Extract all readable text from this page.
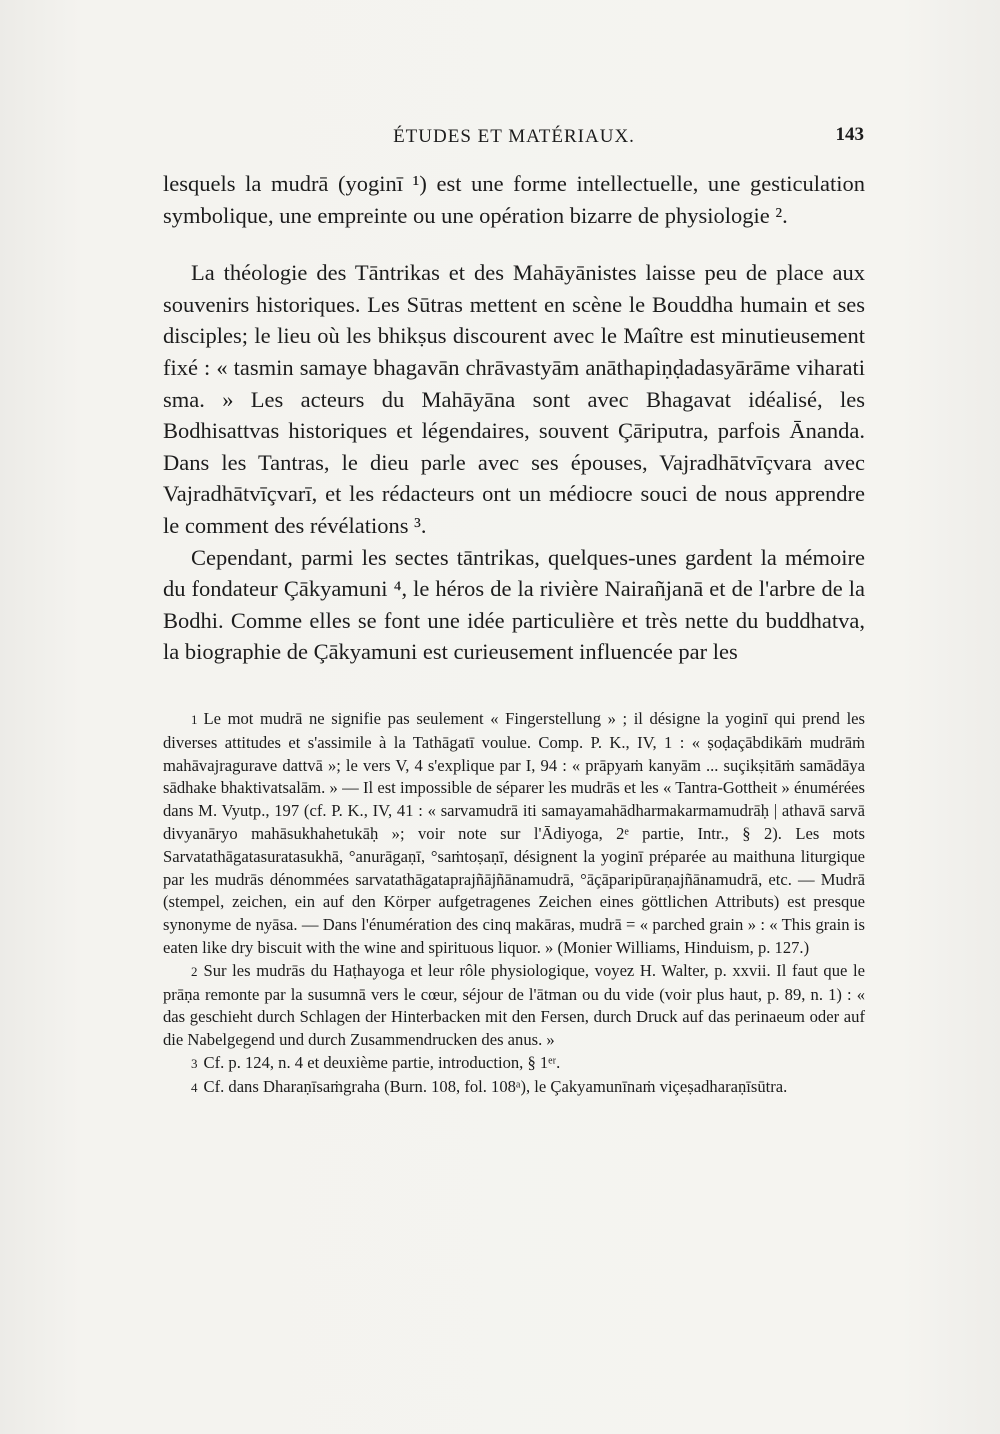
ÉTUDES ET MATÉRIAUX.	143

lesquels la mudrā (yoginī ¹) est une forme intellectuelle, une gesticulation symbolique, une empreinte ou une opération bizarre de physiologie ².

La théologie des Tāntrikas et des Mahāyānistes laisse peu de place aux souvenirs historiques. Les Sūtras mettent en scène le Bouddha humain et ses disciples; le lieu où les bhikṣus discourent avec le Maître est minutieusement fixé : « tasmin samaye bhagavān chrāvastyām anāthapiṇḍadasyārāme viharati sma. » Les acteurs du Mahāyāna sont avec Bhagavat idéalisé, les Bodhisattvas historiques et légendaires, souvent Çāriputra, parfois Ānanda. Dans les Tantras, le dieu parle avec ses épouses, Vajradhātvīçvara avec Vajradhātvīçvarī, et les rédacteurs ont un médiocre souci de nous apprendre le comment des révélations ³.

Cependant, parmi les sectes tāntrikas, quelques-unes gardent la mémoire du fondateur Çākyamuni ⁴, le héros de la rivière Nairañjanā et de l'arbre de la Bodhi. Comme elles se font une idée particulière et très nette du buddhatva, la biographie de Çākyamuni est curieusement influencée par les

1 Le mot mudrā ne signifie pas seulement « Fingerstellung » ; il désigne la yoginī qui prend les diverses attitudes et s'assimile à la Tathāgatī voulue. Comp. P. K., IV, 1 : « ṣoḍaçābdikāṁ mudrāṁ mahāvajragurave dattvā »; le vers V, 4 s'explique par I, 94 : « prāpyaṁ kanyām ... suçikṣitāṁ samādāya sādhake bhaktivatsalām. » — Il est impossible de séparer les mudrās et les « Tantra-Gottheit » énumérées dans M. Vyutp., 197 (cf. P. K., IV, 41 : « sarvamudrā iti samayamahādharmakarmamudrāḥ | athavā sarvā divyanāryo mahāsukhahetukāḥ »; voir note sur l'Ādiyoga, 2ᵉ partie, Intr., § 2). Les mots Sarvatathāgatasuratasukhā, °anurāgaṇī, °saṁtoṣaṇī, désignent la yoginī préparée au maithuna liturgique par les mudrās dénommées sarvatathāgataprajñājñānamudrā, °āçāparipūraṇajñānamudrā, etc. — Mudrā (stempel, zeichen, ein auf den Körper aufgetragenes Zeichen eines göttlichen Attributs) est presque synonyme de nyāsa. — Dans l'énumération des cinq makāras, mudrā = « parched grain » : « This grain is eaten like dry biscuit with the wine and spirituous liquor. » (Monier Williams, Hinduism, p. 127.)

2 Sur les mudrās du Haṭhayoga et leur rôle physiologique, voyez H. Walter, p. xxvii. Il faut que le prāṇa remonte par la susumnā vers le cœur, séjour de l'ātman ou du vide (voir plus haut, p. 89, n. 1) : « das geschieht durch Schlagen der Hinterbacken mit den Fersen, durch Druck auf das perinaeum oder auf die Nabelgegend und durch Zusammendrucken des anus. »

3 Cf. p. 124, n. 4 et deuxième partie, introduction, § 1ᵉʳ.

4 Cf. dans Dharaṇīsaṁgraha (Burn. 108, fol. 108ᵃ), le Çakyamunīnaṁ viçeṣadharaṇīsūtra.
